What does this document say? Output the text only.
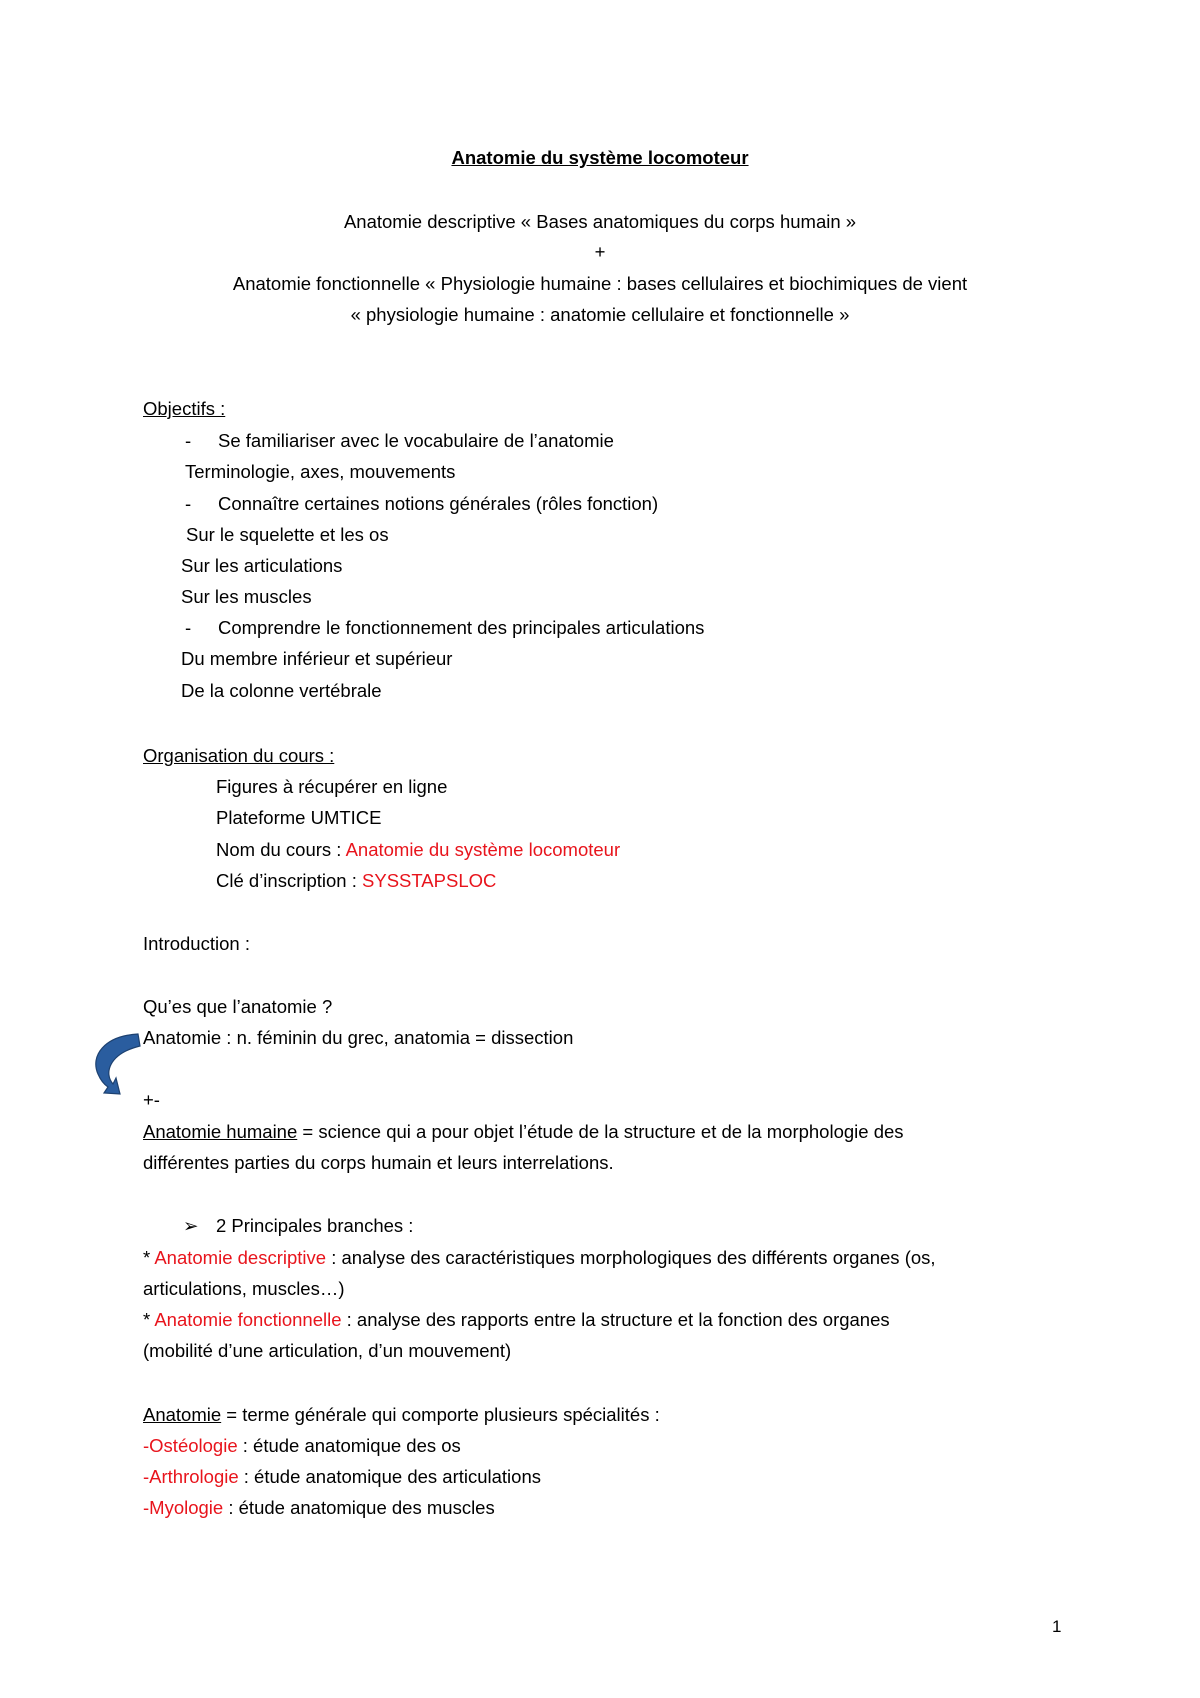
Anatomie du système locomoteur
Anatomie descriptive « Bases anatomiques du corps humain »
+
Anatomie fonctionnelle « Physiologie humaine : bases cellulaires et biochimiques de vient
« physiologie humaine : anatomie cellulaire et fonctionnelle »
Objectifs :
- Se familiariser avec le vocabulaire de l’anatomie
Terminologie, axes, mouvements
- Connaître certaines notions générales (rôles fonction)
Sur le squelette et les os
Sur les articulations
Sur les muscles
- Comprendre le fonctionnement des principales articulations
Du membre inférieur et supérieur
De la colonne vertébrale
Organisation du cours :
Figures à récupérer en ligne
Plateforme UMTICE
Nom du cours : Anatomie du système locomoteur
Clé d’inscription : SYSSTAPSLOC
Introduction :
Qu’es que l’anatomie ?
Anatomie : n. féminin du grec, anatomia = dissection
+-
Anatomie humaine = science qui a pour objet l’étude de la structure et de la morphologie des
différentes parties du corps humain et leurs interrelations.
➢ 2 Principales branches :
* Anatomie descriptive : analyse des caractéristiques morphologiques des différents organes (os,
articulations, muscles…)
* Anatomie fonctionnelle : analyse des rapports entre la structure et la fonction des organes
(mobilité d’une articulation, d’un mouvement)
Anatomie = terme générale qui comporte plusieurs spécialités :
-Ostéologie : étude anatomique des os
-Arthrologie : étude anatomique des articulations
-Myologie : étude anatomique des muscles
1
